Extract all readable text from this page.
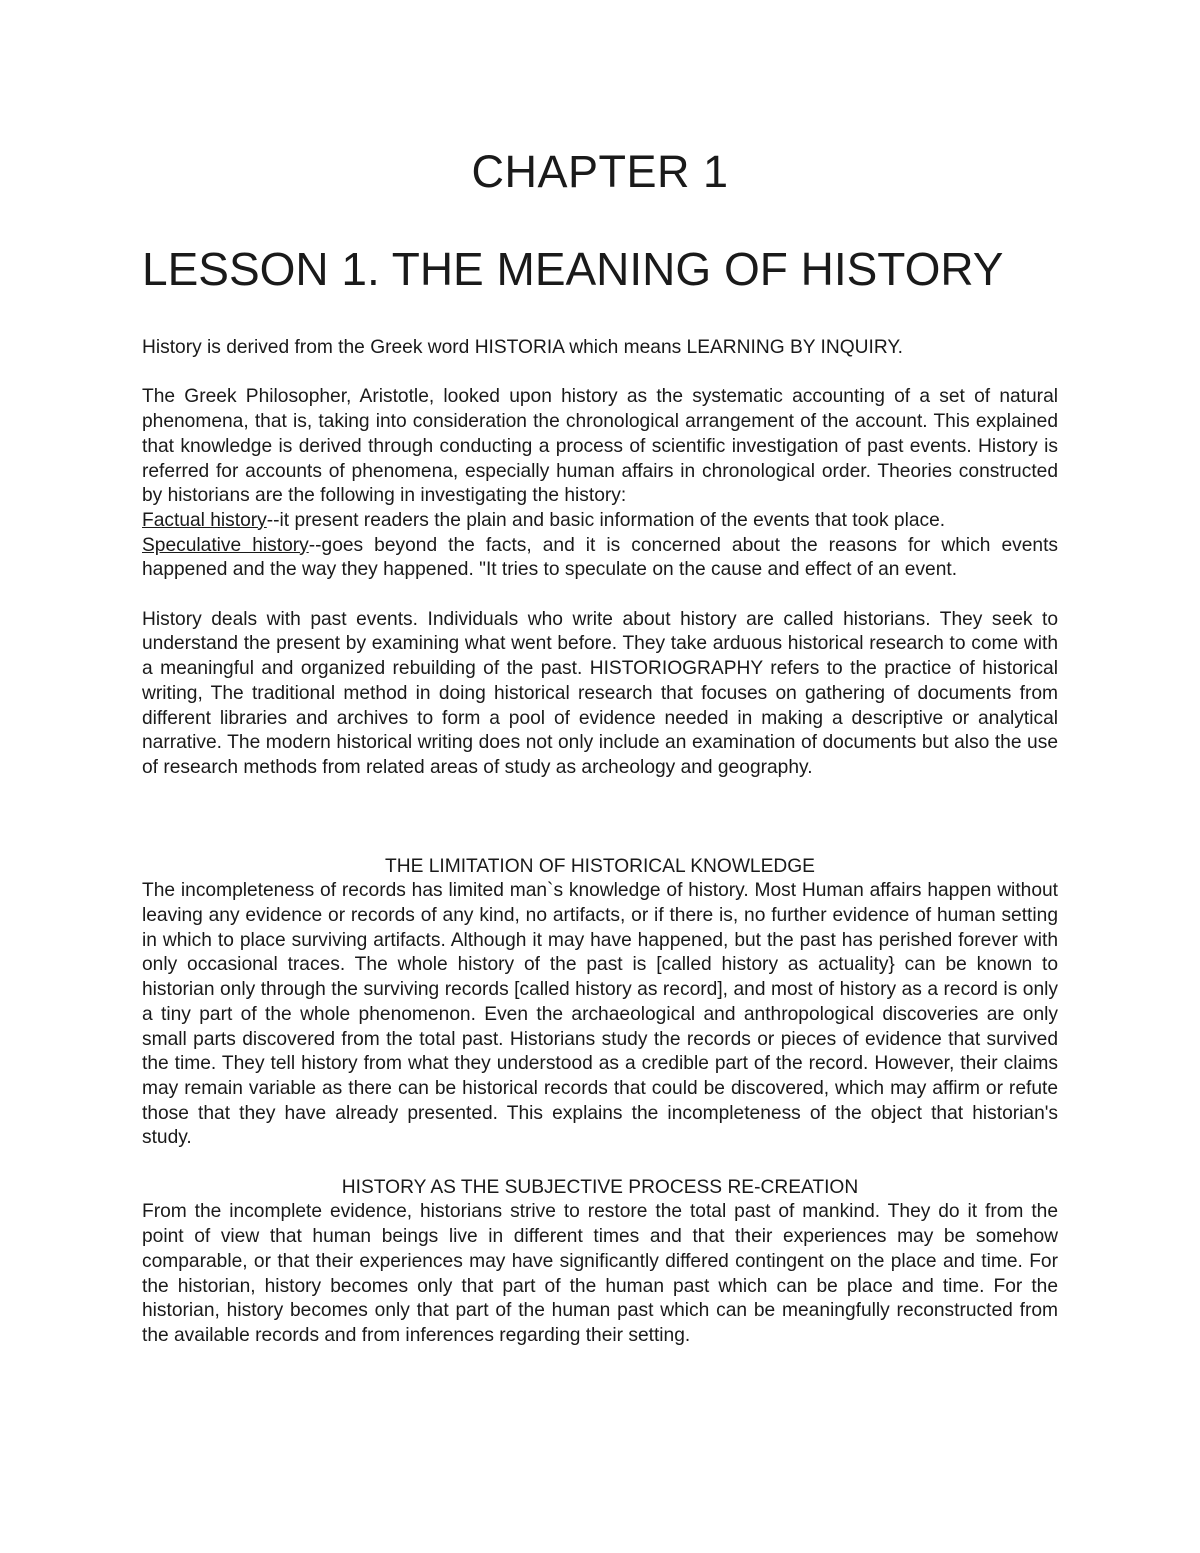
CHAPTER 1
LESSON 1. THE MEANING OF HISTORY

History is derived from the Greek word HISTORIA which means LEARNING BY INQUIRY.

The Greek Philosopher, Aristotle, looked upon history as the systematic accounting of a set of natural phenomena, that is, taking into consideration the chronological arrangement of the account. This explained that knowledge is derived through conducting a process of scientific investigation of past events. History is referred for accounts of phenomena, especially human affairs in chronological order. Theories constructed by historians are the following in investigating the history:

Factual history--it present readers the plain and basic information of the events that took place.

Speculative history--goes beyond the facts, and it is concerned about the reasons for which events happened and the way they happened. "It tries to speculate on the cause and effect of an event.

History deals with past events. Individuals who write about history are called historians. They seek to understand the present by examining what went before. They take arduous historical research to come with a meaningful and organized rebuilding of the past. HISTORIOGRAPHY refers to the practice of historical writing, The traditional method in doing historical research that focuses on gathering of documents from different libraries and archives to form a pool of evidence needed in making a descriptive or analytical narrative. The modern historical writing does not only include an examination of documents but also the use of research methods from related areas of study as archeology and geography.

THE LIMITATION OF HISTORICAL KNOWLEDGE

The incompleteness of records has limited man`s knowledge of history. Most Human affairs happen without leaving any evidence or records of any kind, no artifacts, or if there is, no further evidence of human setting in which to place surviving artifacts. Although it may have happened, but the past has perished forever with only occasional traces. The whole history of the past is [called history as actuality} can be known to historian only through the surviving records [called history as record], and most of history as a record is only a tiny part of the whole phenomenon. Even the archaeological and anthropological discoveries are only small parts discovered from the total past. Historians study the records or pieces of evidence that survived the time. They tell history from what they understood as a credible part of the record. However, their claims may remain variable as there can be historical records that could be discovered, which may affirm or refute those that they have already presented. This explains the incompleteness of the object that historian's study.

HISTORY AS THE SUBJECTIVE PROCESS RE-CREATION

From the incomplete evidence, historians strive to restore the total past of mankind. They do it from the point of view that human beings live in different times and that their experiences may be somehow comparable, or that their experiences may have significantly differed contingent on the place and time. For the historian, history becomes only that part of the human past which can be place and time. For the historian, history becomes only that part of the human past which can be meaningfully reconstructed from the available records and from inferences regarding their setting.
